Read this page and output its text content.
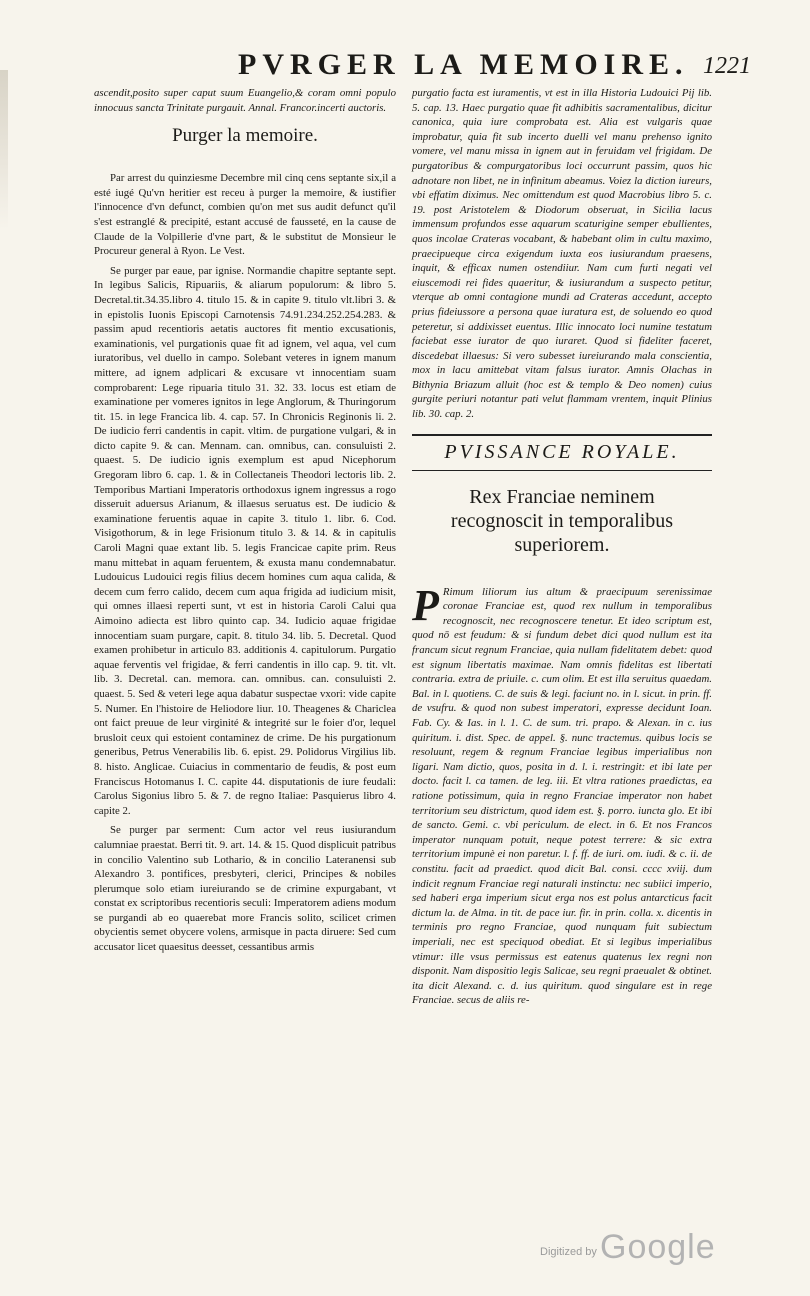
PVRGER LA MEMOIRE. 1221

ascendit,posito super caput suum Euangelio,& coram omni populo innocuus sancta Trinitate purgauit. Annal. Francor.incerti auctoris.

Purger la memoire.

Par arrest du quinziesme Decembre mil cinq cens septante six,il a esté iugé Qu'vn heritier est receu à purger la memoire, & iustifier l'innocence d'vn defunct, combien qu'on met sus audit defunct qu'il s'est estranglé & precipité, estant accusé de fausseté, en la cause de Claude de la Volpillerie d'vne part, & le substitut de Monsieur le Procureur general à Ryon. Le Vest.

Se purger par eaue, par ignise. Normandie chapitre septante sept. In legibus Salicis, Ripuariis, & aliarum populorum: & libro 5. Decretal.tit.34.35.libro 4. titulo 15. & in capite 9. titulo vlt.libri 3. & in epistolis Iuonis Episcopi Carnotensis 74.91.234.252.254.283. & passim apud recentioris aetatis auctores fit mentio excusationis, examinationis, vel purgationis quae fit ad ignem, vel aqua, vel cum iuratoribus, vel duello in campo. Solebant veteres in ignem manum mittere, ad ignem adplicari & excusare vt innocentiam suam comprobarent: Lege ripuaria titulo 31. 32. 33. locus est etiam de examinatione per vomeres ignitos in lege Anglorum, & Thuringorum tit. 15. in lege Francica lib. 4. cap. 57. In Chronicis Reginonis li. 2. De iudicio ferri candentis in capit. vltim. de purgatione vulgari, & in dicto capite 9. & can. Mennam. can. omnibus, can. consuluisti 2. quaest. 5. De iudicio ignis exemplum est apud Nicephorum Gregoram libro 6. cap. 1. & in Collectaneis Theodori lectoris lib. 2. Temporibus Martiani Imperatoris orthodoxus ignem ingressus a rogo disseruit aduersus Arianum, & illaesus seruatus est. De iudicio & examinatione feruentis aquae in capite 3. titulo 1. libr. 6. Cod. Visigothorum, & in lege Frisionum titulo 3. & 14. & in capitulis Caroli Magni quae extant lib. 5. legis Francicae capite prim. Reus manu mittebat in aquam feruentem, & exusta manu condemnabatur. Ludouicus Ludouici regis filius decem homines cum aqua calida, & decem cum ferro calido, decem cum aqua frigida ad iudicium misit, qui omnes illaesi reperti sunt, vt est in historia Caroli Calui qua Aimoino adiecta est libro quinto cap. 34. Iudicio aquae frigidae innocentiam suam purgare, capit. 8. titulo 34. lib. 5. Decretal. Quod examen prohibetur in articulo 83. additionis 4. capitulorum. Purgatio aquae ferventis vel frigidae, & ferri candentis in illo cap. 9. tit. vlt. lib. 3. Decretal. can. memora. can. omnibus. can. consuluisti 2. quaest. 5. Sed & veteri lege aqua dabatur suspectae vxori: vide capite 5. Numer. En l'histoire de Heliodore liur. 10. Theagenes & Chariclea ont faict preuue de leur virginité & integrité sur le foier d'or, lequel brusloit ceux qui estoient contaminez de crime. De his purgationum generibus, Petrus Venerabilis lib. 6. epist. 29. Polidorus Virgilius lib. 8. histo. Anglicae. Cuiacius in commentario de feudis, & post eum Franciscus Hotomanus I. C. capite 44. disputationis de iure feudali: Carolus Sigonius libro 5. & 7. de regno Italiae: Pasquierus libro 4. capite 2.

Se purger par serment: Cum actor vel reus iusiurandum calumniae praestat. Berri tit. 9. art. 14. & 15. Quod displicuit patribus in concilio Valentino sub Lothario, & in concilio Lateranensi sub Alexandro 3. pontifices, presbyteri, clerici, Principes & nobiles plerumque solo etiam iureiurando se de crimine expurgabant, vt constat ex scriptoribus recentioris seculi: Imperatorem adiens modum se purgandi ab eo quaerebat more Francis solito, scilicet crimen obycientis semet obycere volens, armisque in pacta diruere: Sed cum accusator licet quaesitus deesset, cessantibus armis

purgatio facta est iuramentis, vt est in illa Historia Ludouici Pij lib. 5. cap. 13. Haec purgatio quae fit adhibitis sacramentalibus, dicitur canonica, quia iure comprobata est. Alia est vulgaris quae improbatur, quia fit sub incerto duelli vel manu prehenso ignito vomere, vel manu missa in ignem aut in feruidam vel frigidam. De purgatoribus & compurgatoribus loci occurrunt passim, quos hic adnotare non libet, ne in infinitum abeamus. Voiez la diction iureurs, vbi effatim diximus. Nec omittendum est quod Macrobius libro 5. c. 19. post Aristotelem & Diodorum obseruat, in Sicilia lacus immensum profundos esse aquarum scaturigine semper ebullientes, quos incolae Crateras vocabant, & habebant olim in cultu maximo, praecipueque circa exigendum iuxta eos iusiurandum praesens, inquit, & efficax numen ostendiiur. Nam cum furti negati vel eiuscemodi rei fides quaeritur, & iusiurandum a suspecto petitur, vterque ab omni contagione mundi ad Crateras accedunt, accepto prius fideiussore a persona quae iuratura est, de soluendo eo quod peteretur, si addixisset euentus. Illic innocato loci numine testatum faciebat esse iurator de quo iuraret. Quod si fideliter faceret, discedebat illaesus: Si vero subesset iureiurando mala conscientia, mox in lacu amittebat vitam falsus iurator. Amnis Olachas in Bithynia Briazum alluit (hoc est & templo & Deo nomen) cuius gurgite periuri notantur pati velut flammam vrentem, inquit Plinius lib. 30. cap. 2.

PVISSANCE ROYALE.
Rex Franciae neminem recognoscit in temporalibus superiorem.

P Rimum liliorum ius altum & praecipuum serenissimae coronae Franciae est, quod rex nullum in temporalibus recognoscit, nec recognoscere tenetur. Et ideo scriptum est, quod nō est feudum: & si fundum debet dici quod nullum est ita francum sicut regnum Franciae, quia nullam fidelitatem debet: quod est signum libertatis maximae. Nam omnis fidelitas est libertati contraria. extra de priuile. c. cum olim. Et est illa seruitus quaedam. Bal. in l. quotiens. C. de suis & legi. faciunt no. in l. sicut. in prin. ff. de vsufru. & quod non subest imperatori, expresse decidunt Ioan. Fab. Cy. & Ias. in l. 1. C. de sum. tri. prapo. & Alexan. in c. ius quiritum. i. dist. Spec. de appel. §. nunc tractemus. quibus locis se resoluunt, regem & regnum Franciae legibus imperialibus non ligari. Nam dictio, quos, posita in d. l. i. restringit: et ibi late per docto. facit l. ca tamen. de leg. iii. Et vltra rationes praedictas, ea ratione potissimum, quia in regno Franciae imperator non habet territorium seu districtum, quod idem est. §. porro. iuncta glo. Et ibi de sancto. Gemi. c. vbi periculum. de elect. in 6. Et nos Francos imperator nunquam potuit, neque potest terrere: & sic extra territorium impunè ei non paretur. l. f. ff. de iuri. om. iudi. & c. ii. de constitu. facit ad praedict. quod dicit Bal. consi. cccc xviij. dum indicit regnum Franciae regi naturali instinctu: nec subiici imperio, sed haberi erga imperium sicut erga nos est polus antarcticus facit dictum la. de Alma. in tit. de pace iur. fir. in prin. colla. x. dicentis in terminis pro regno Franciae, quod nunquam fuit subiectum imperiali, nec est speciquod obediat. Et si legibus imperialibus vtimur: ille vsus permissus est eatenus quatenus lex regni non disponit. Nam dispositio legis Salicae, seu regni praeualet & obtinet. ita dicit Alexand. c. d. ius quiritum. quod singulare est in rege Franciae. secus de aliis re-

Digitized by Google
